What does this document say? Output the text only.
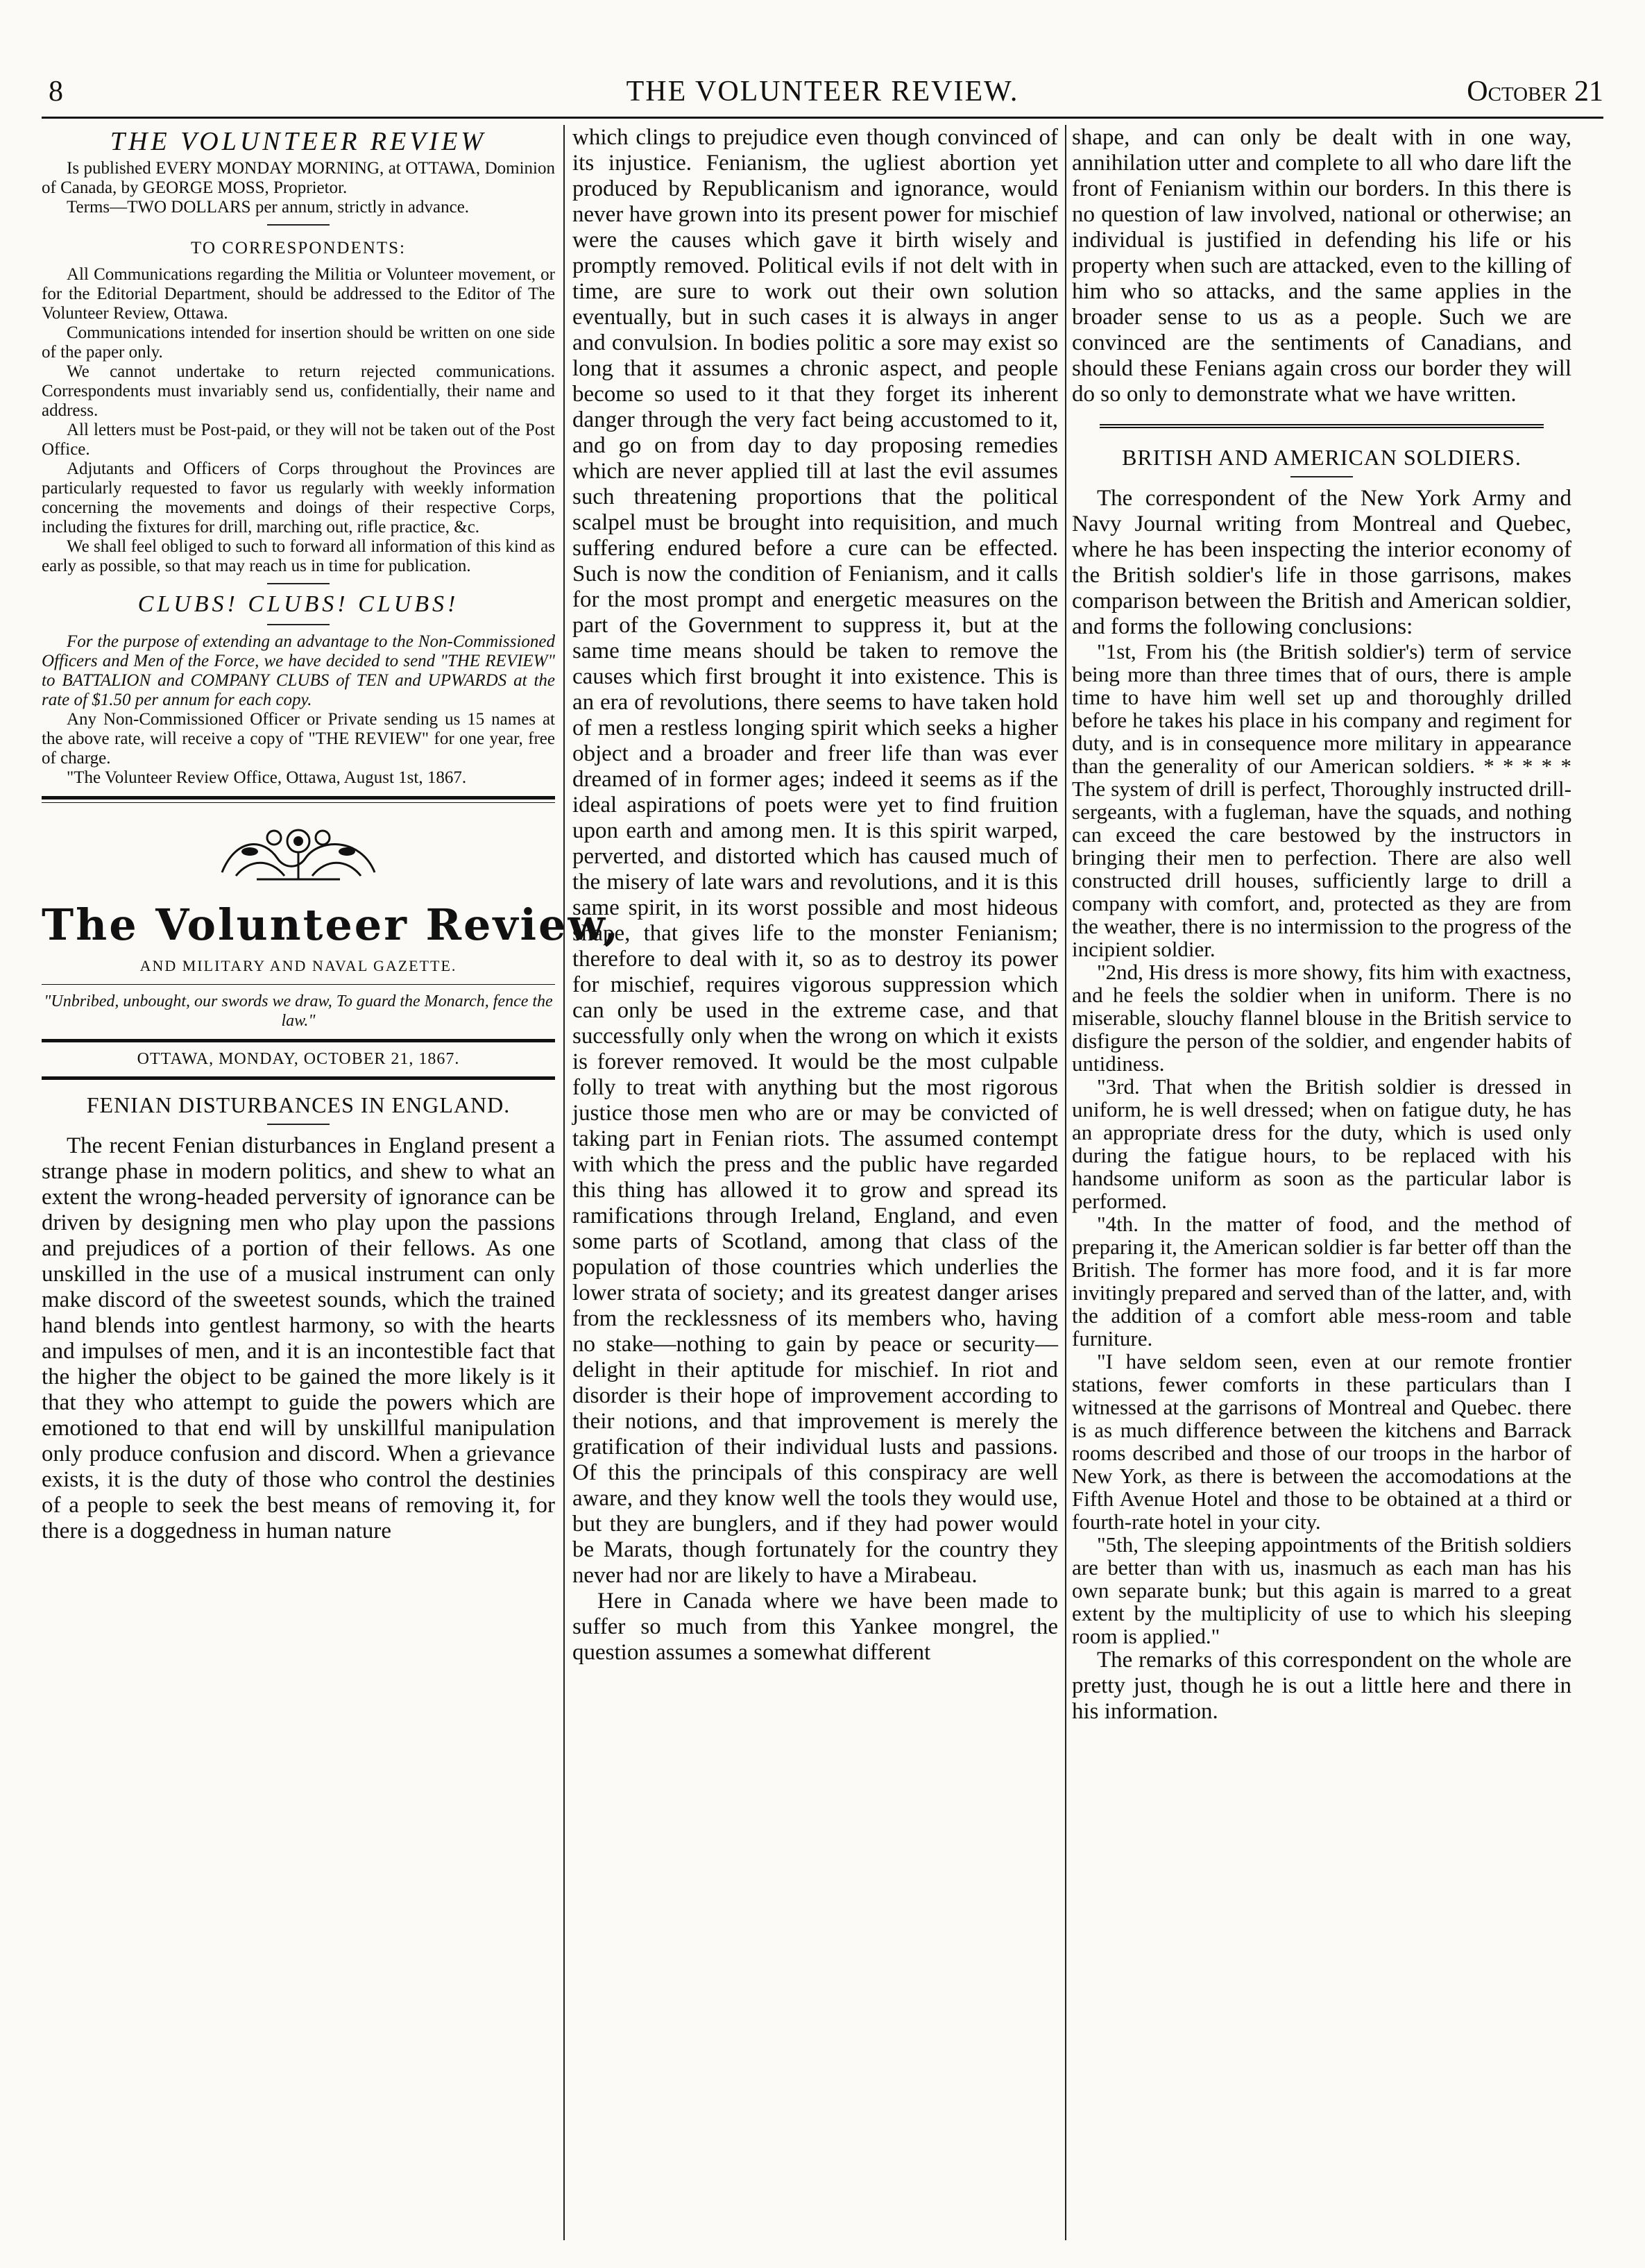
8	THE VOLUNTEER REVIEW.	October 21
THE VOLUNTEER REVIEW

Is published EVERY MONDAY MORNING, at OTTAWA, Dominion of Canada, by GEORGE MOSS, Proprietor.

Terms—TWO DOLLARS per annum, strictly in advance.

TO CORRESPONDENTS:

All Communications regarding the Militia or Volunteer movement, or for the Editorial Department, should be addressed to the Editor of The Volunteer Review, Ottawa.

Communications intended for insertion should be written on one side of the paper only.

We cannot undertake to return rejected communications. Correspondents must invariably send us, confidentially, their name and address.

All letters must be Post-paid, or they will not be taken out of the Post Office.

Adjutants and Officers of Corps throughout the Provinces are particularly requested to favor us regularly with weekly information concerning the movements and doings of their respective Corps, including the fixtures for drill, marching out, rifle practice, &c.

We shall feel obliged to such to forward all information of this kind as early as possible, so that may reach us in time for publication.

CLUBS! CLUBS! CLUBS!

For the purpose of extending an advantage to the Non-Commissioned Officers and Men of the Force, we have decided to send "THE REVIEW" to BATTALION and COMPANY CLUBS of TEN and UPWARDS at the rate of $1.50 per annum for each copy.

Any Non-Commissioned Officer or Private sending us 15 names at the above rate, will receive a copy of "THE REVIEW" for one year, free of charge.

"The Volunteer Review Office, Ottawa, August 1st, 1867.

The Volunteer Review,
AND MILITARY AND NAVAL GAZETTE.
"Unbribed, unbought, our swords we draw, To guard the Monarch, fence the law."
OTTAWA, MONDAY, OCTOBER 21, 1867.
FENIAN DISTURBANCES IN ENGLAND.

The recent Fenian disturbances in England present a strange phase in modern politics, and shew to what an extent the wrong-headed perversity of ignorance can be driven by designing men who play upon the passions and prejudices of a portion of their fellows. As one unskilled in the use of a musical instrument can only make discord of the sweetest sounds, which the trained hand blends into gentlest harmony, so with the hearts and impulses of men, and it is an incontestible fact that the higher the object to be gained the more likely is it that they who attempt to guide the powers which are emotioned to that end will by unskillful manipulation only produce confusion and discord. When a grievance exists, it is the duty of those who control the destinies of a people to seek the best means of removing it, for there is a doggedness in human nature

which clings to prejudice even though convinced of its injustice. Fenianism, the ugliest abortion yet produced by Republicanism and ignorance, would never have grown into its present power for mischief were the causes which gave it birth wisely and promptly removed. Political evils if not delt with in time, are sure to work out their own solution eventually, but in such cases it is always in anger and convulsion. In bodies politic a sore may exist so long that it assumes a chronic aspect, and people become so used to it that they forget its inherent danger through the very fact being accustomed to it, and go on from day to day proposing remedies which are never applied till at last the evil assumes such threatening proportions that the political scalpel must be brought into requisition, and much suffering endured before a cure can be effected. Such is now the condition of Fenianism, and it calls for the most prompt and energetic measures on the part of the Government to suppress it, but at the same time means should be taken to remove the causes which first brought it into existence. This is an era of revolutions, there seems to have taken hold of men a restless longing spirit which seeks a higher object and a broader and freer life than was ever dreamed of in former ages; indeed it seems as if the ideal aspirations of poets were yet to find fruition upon earth and among men. It is this spirit warped, perverted, and distorted which has caused much of the misery of late wars and revolutions, and it is this same spirit, in its worst possible and most hideous shape, that gives life to the monster Fenianism; therefore to deal with it, so as to destroy its power for mischief, requires vigorous suppression which can only be used in the extreme case, and that successfully only when the wrong on which it exists is forever removed. It would be the most culpable folly to treat with anything but the most rigorous justice those men who are or may be convicted of taking part in Fenian riots. The assumed contempt with which the press and the public have regarded this thing has allowed it to grow and spread its ramifications through Ireland, England, and even some parts of Scotland, among that class of the population of those countries which underlies the lower strata of society; and its greatest danger arises from the recklessness of its members who, having no stake—nothing to gain by peace or security—delight in their aptitude for mischief. In riot and disorder is their hope of improvement according to their notions, and that improvement is merely the gratification of their individual lusts and passions. Of this the principals of this conspiracy are well aware, and they know well the tools they would use, but they are bunglers, and if they had power would be Marats, though fortunately for the country they never had nor are likely to have a Mirabeau.

Here in Canada where we have been made to suffer so much from this Yankee mongrel, the question assumes a somewhat different

shape, and can only be dealt with in one way, annihilation utter and complete to all who dare lift the front of Fenianism within our borders. In this there is no question of law involved, national or otherwise; an individual is justified in defending his life or his property when such are attacked, even to the killing of him who so attacks, and the same applies in the broader sense to us as a people. Such we are convinced are the sentiments of Canadians, and should these Fenians again cross our border they will do so only to demonstrate what we have written.

BRITISH AND AMERICAN SOLDIERS.

The correspondent of the New York Army and Navy Journal writing from Montreal and Quebec, where he has been inspecting the interior economy of the British soldier's life in those garrisons, makes comparison between the British and American soldier, and forms the following conclusions:

"1st, From his (the British soldier's) term of service being more than three times that of ours, there is ample time to have him well set up and thoroughly drilled before he takes his place in his company and regiment for duty, and is in consequence more military in appearance than the generality of our American soldiers. * * * * * The system of drill is perfect, Thoroughly instructed drill-sergeants, with a fugleman, have the squads, and nothing can exceed the care bestowed by the instructors in bringing their men to perfection. There are also well constructed drill houses, sufficiently large to drill a company with comfort, and, protected as they are from the weather, there is no intermission to the progress of the incipient soldier.

"2nd, His dress is more showy, fits him with exactness, and he feels the soldier when in uniform. There is no miserable, slouchy flannel blouse in the British service to disfigure the person of the soldier, and engender habits of untidiness.

"3rd. That when the British soldier is dressed in uniform, he is well dressed; when on fatigue duty, he has an appropriate dress for the duty, which is used only during the fatigue hours, to be replaced with his handsome uniform as soon as the particular labor is performed.

"4th. In the matter of food, and the method of preparing it, the American soldier is far better off than the British. The former has more food, and it is far more invitingly prepared and served than of the latter, and, with the addition of a comfort able mess-room and table furniture.

"I have seldom seen, even at our remote frontier stations, fewer comforts in these particulars than I witnessed at the garrisons of Montreal and Quebec. there is as much difference between the kitchens and Barrack rooms described and those of our troops in the harbor of New York, as there is between the accomodations at the Fifth Avenue Hotel and those to be obtained at a third or fourth-rate hotel in your city.

"5th, The sleeping appointments of the British soldiers are better than with us, inasmuch as each man has his own separate bunk; but this again is marred to a great extent by the multiplicity of use to which his sleeping room is applied."

The remarks of this correspondent on the whole are pretty just, though he is out a little here and there in his information.
